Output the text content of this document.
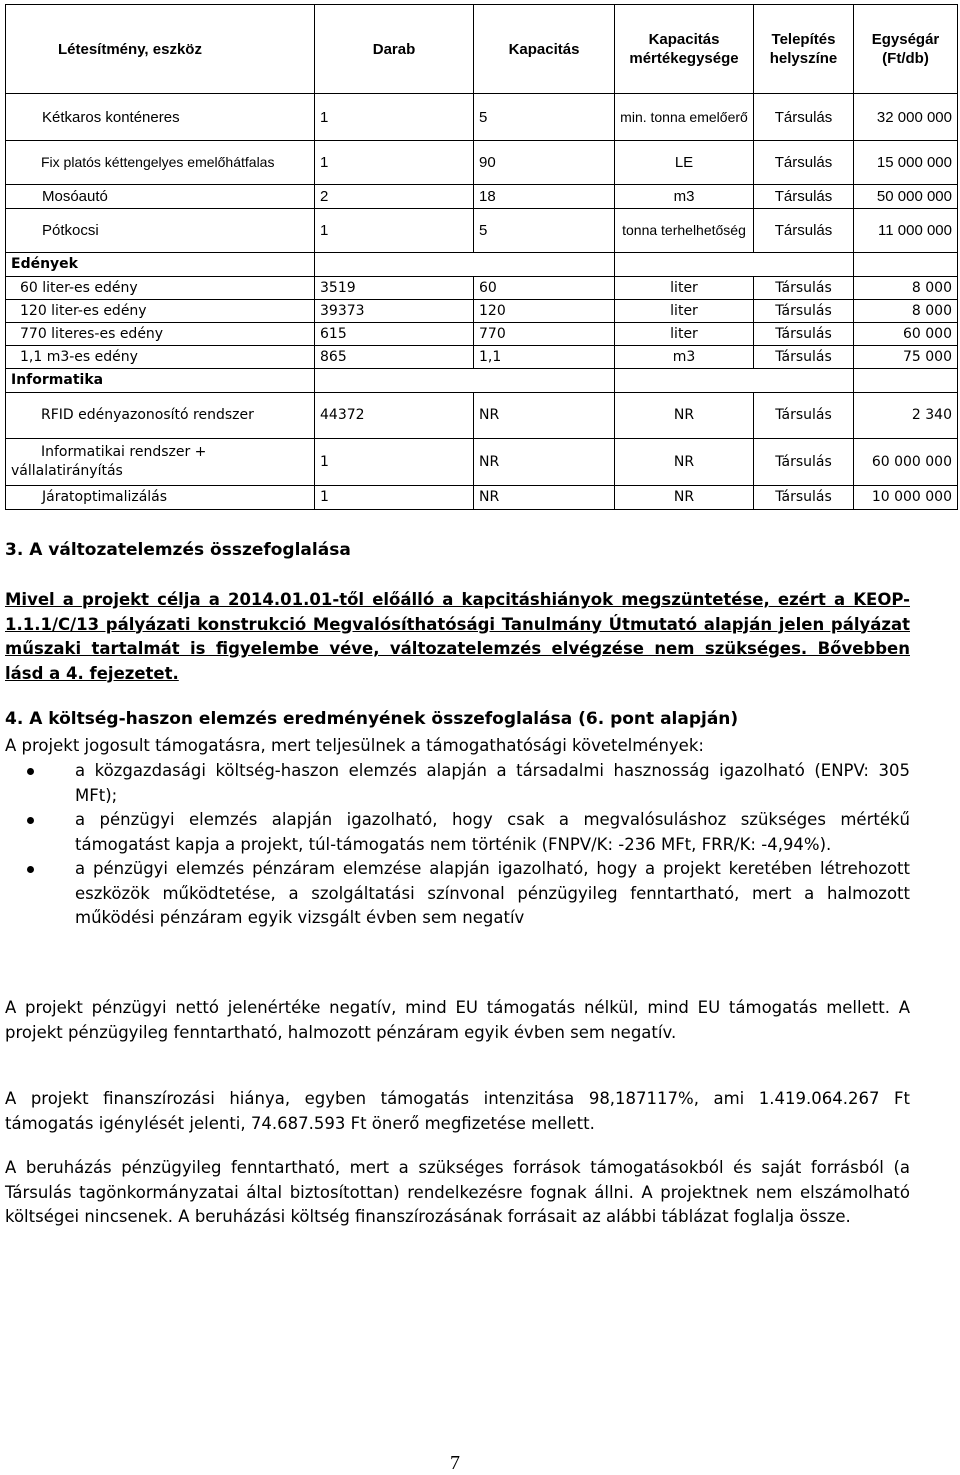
Létesítmény, eszköz	Darab	Kapacitás	Kapacitás mértékegysége	Telepítés helyszíne	Egységár (Ft/db)
Kétkaros konténeres	1	5	min. tonna emelőerő	Társulás	32 000 000

Fix platós kéttengelyes emelőhátfalas	1	90	LE	Társulás	15 000 000
Mosóautó	2	18	m3	Társulás	50 000 000
Pótkocsi	1	5	tonna terhelhetőség	Társulás	11 000 000
Edények					
60 liter-es edény	3519	60	liter	Társulás	8 000
120 liter-es edény	39373	120	liter	Társulás	8 000
770 literes-es edény	615	770	liter	Társulás	60 000
1,1 m3-es edény	865	1,1	m3	Társulás	75 000
Informatika					

RFID edényazonosító rendszer	44372	NR	NR	Társulás	2 340

Informatikai rendszer + vállalatirányítás	1	NR	NR	Társulás	60 000 000
Járatoptimalizálás	1	NR	NR	Társulás	10 000 000
3. A változatelemzés összefoglalása

Mivel a projekt célja a 2014.01.01-től előálló a kapcitáshiányok megszüntetése, ezért a KEOP-1.1.1/C/13 pályázati konstrukció Megvalósíthatósági Tanulmány Útmutató alapján jelen pályázat műszaki tartalmát is figyelembe véve, változatelemzés elvégzése nem szükséges. Bővebben lásd a 4. fejezetet.

4. A költség-haszon elemzés eredményének összefoglalása (6. pont alapján)

A projekt jogosult támogatásra, mert teljesülnek a támogathatósági követelmények:

a közgazdasági költség-haszon elemzés alapján a társadalmi hasznosság igazolható (ENPV: 305 MFt);
a pénzügyi elemzés alapján igazolható, hogy csak a megvalósuláshoz szükséges mértékű támogatást kapja a projekt, túl-támogatás nem történik (FNPV/K: -236 MFt, FRR/K: -4,94%).
a pénzügyi elemzés pénzáram elemzése alapján igazolható, hogy a projekt keretében létrehozott eszközök működtetése, a szolgáltatási színvonal pénzügyileg fenntartható, mert a halmozott működési pénzáram egyik vizsgált évben sem negatív

A projekt pénzügyi nettó jelenértéke negatív, mind EU támogatás nélkül, mind EU támogatás mellett. A projekt pénzügyileg fenntartható, halmozott pénzáram egyik évben sem negatív.

A projekt finanszírozási hiánya, egyben támogatás intenzitása 98,187117%, ami 1.419.064.267 Ft támogatás igénylését jelenti, 74.687.593 Ft önerő megfizetése mellett.

A beruházás pénzügyileg fenntartható, mert a szükséges források támogatásokból és saját forrásból (a Társulás tagönkormányzatai által biztosítottan) rendelkezésre fognak állni. A projektnek nem elszámolható költségei nincsenek. A beruházási költség finanszírozásának forrásait az alábbi táblázat foglalja össze.

7
